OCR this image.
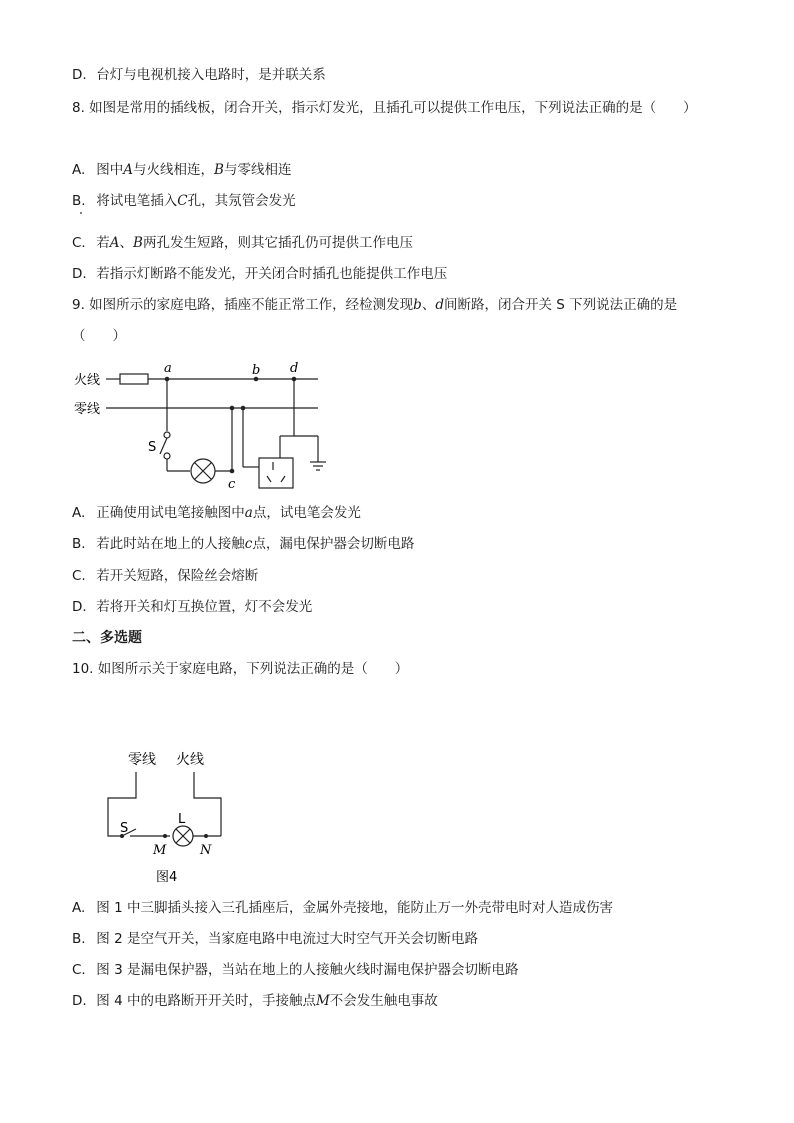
D. 台灯与电视机接入电路时，是并联关系
8. 如图是常用的插线板，闭合开关，指示灯发光，且插孔可以提供工作电压，下列说法正确的是（　　）
A. 图中A与火线相连，B与零线相连
B. 将试电笔插入C孔，其氖管会发光
C. 若A、B两孔发生短路，则其它插孔仍可提供工作电压
D. 若指示灯断路不能发光，开关闭合时插孔也能提供工作电压
9. 如图所示的家庭电路，插座不能正常工作，经检测发现b、d间断路，闭合开关 S 下列说法正确的是
（　　）
火线
零线
a	b d
c
S
A. 正确使用试电笔接触图中a点，试电笔会发光
B. 若此时站在地上的人接触c点，漏电保护器会切断电路
C. 若开关短路，保险丝会熔断
D. 若将开关和灯互换位置，灯不会发光
二、多选题
10. 如图所示关于家庭电路，下列说法正确的是（　　）
零线 火线
S
L
M	N
图4
A. 图 1 中三脚插头接入三孔插座后，金属外壳接地，能防止万一外壳带电时对人造成伤害
B. 图 2 是空气开关，当家庭电路中电流过大时空气开关会切断电路
C. 图 3 是漏电保护器，当站在地上的人接触火线时漏电保护器会切断电路
D. 图 4 中的电路断开开关时，手接触点M不会发生触电事故
